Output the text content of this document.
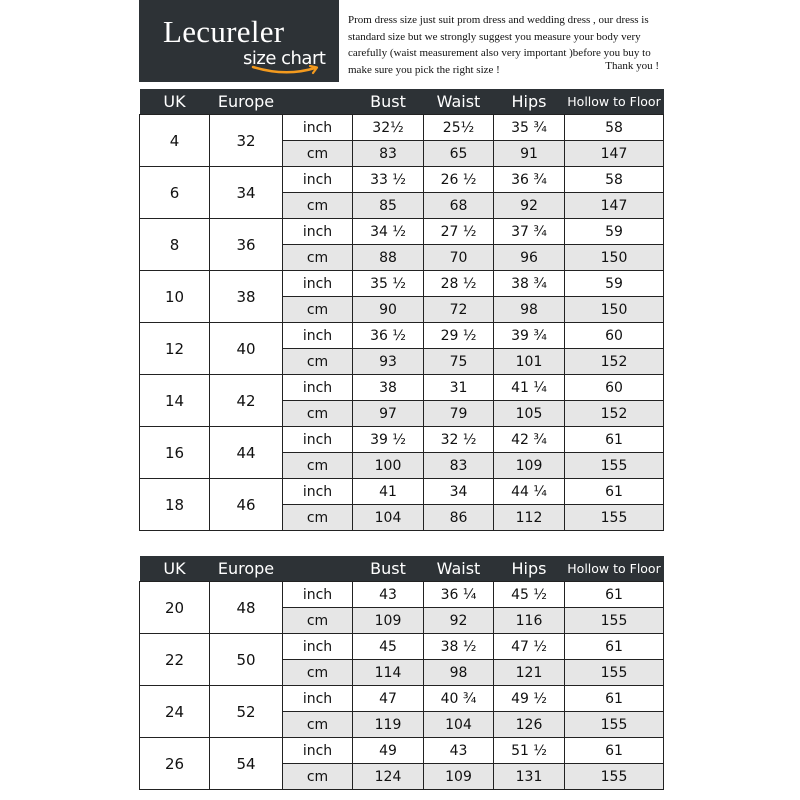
Lecureler
size chart
Prom dress size just suit prom dress and wedding dress , our dress is standard size but we strongly suggest you measure your body very carefully (waist measurement also very important )before you buy to make sure you pick the right size !	Thank you !
UK	Europe		Bust	Waist	Hips	Hollow to Floor
4	32	inch	32½	25½	35 ¾	58
		cm	83	65	91	147
6	34	inch	33 ½	26 ½	36 ¾	58
		cm	85	68	92	147
8	36	inch	34 ½	27 ½	37 ¾	59
		cm	88	70	96	150
10	38	inch	35 ½	28 ½	38 ¾	59
		cm	90	72	98	150
12	40	inch	36 ½	29 ½	39 ¾	60
		cm	93	75	101	152
14	42	inch	38	31	41 ¼	60
		cm	97	79	105	152
16	44	inch	39 ½	32 ½	42 ¾	61
		cm	100	83	109	155
18	46	inch	41	34	44 ¼	61
		cm	104	86	112	155
UK	Europe		Bust	Waist	Hips	Hollow to Floor
20	48	inch	43	36 ¼	45 ½	61
		cm	109	92	116	155
22	50	inch	45	38 ½	47 ½	61
		cm	114	98	121	155
24	52	inch	47	40 ¾	49 ½	61
		cm	119	104	126	155
26	54	inch	49	43	51 ½	61
		cm	124	109	131	155
